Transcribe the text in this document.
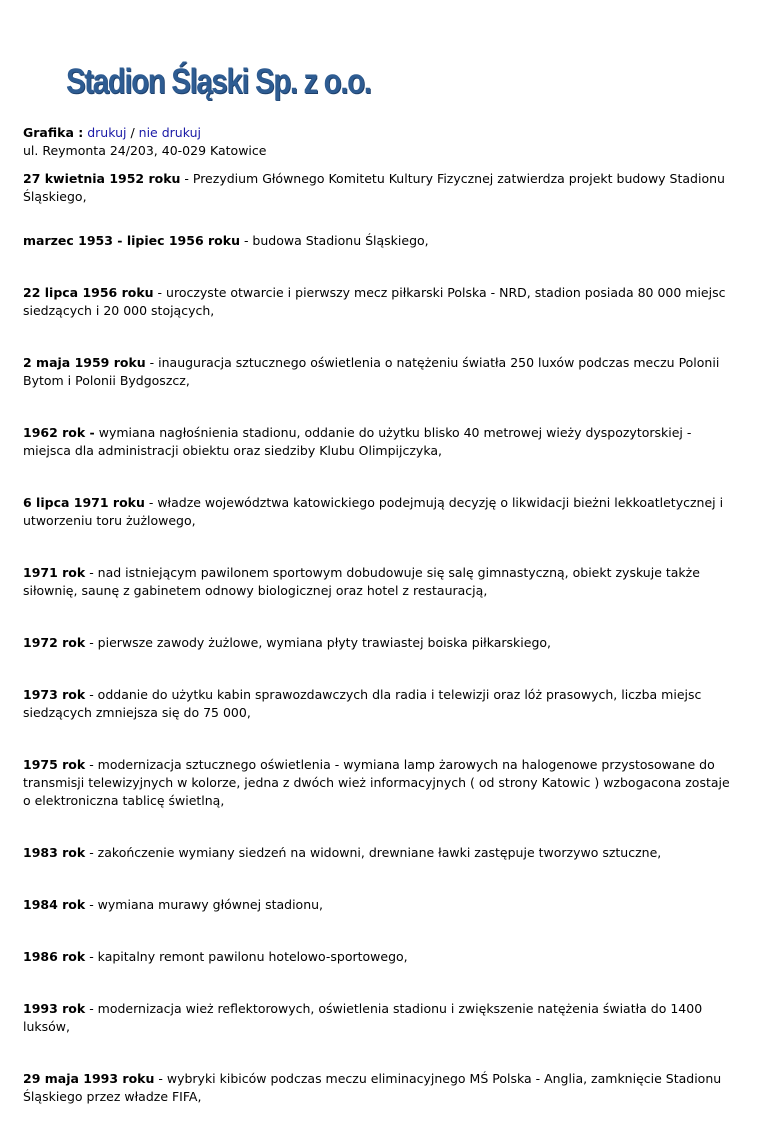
Stadion Śląski Sp. z o.o.
Grafika : drukuj / nie drukuj
ul. Reymonta 24/203, 40-029 Katowice

27 kwietnia 1952 roku - Prezydium Głównego Komitetu Kultury Fizycznej zatwierdza projekt budowy Stadionu Śląskiego,

marzec 1953 - lipiec 1956 roku - budowa Stadionu Śląskiego,

22 lipca 1956 roku - uroczyste otwarcie i pierwszy mecz piłkarski Polska - NRD, stadion posiada 80 000 miejsc siedzących i 20 000 stojących,

2 maja 1959 roku - inauguracja sztucznego oświetlenia o natężeniu światła 250 luxów podczas meczu Polonii Bytom i Polonii Bydgoszcz,

1962 rok - wymiana nagłośnienia stadionu, oddanie do użytku blisko 40 metrowej wieży dyspozytorskiej - miejsca dla administracji obiektu oraz siedziby Klubu Olimpijczyka,

6 lipca 1971 roku - władze województwa katowickiego podejmują decyzję o likwidacji bieżni lekkoatletycznej i utworzeniu toru żużlowego,

1971 rok - nad istniejącym pawilonem sportowym dobudowuje się salę gimnastyczną, obiekt zyskuje także siłownię, saunę z gabinetem odnowy biologicznej oraz hotel z restauracją,

1972 rok - pierwsze zawody żużlowe, wymiana płyty trawiastej boiska piłkarskiego,

1973 rok - oddanie do użytku kabin sprawozdawczych dla radia i telewizji oraz lóż prasowych, liczba miejsc siedzących zmniejsza się do 75 000,

1975 rok - modernizacja sztucznego oświetlenia - wymiana lamp żarowych na halogenowe przystosowane do transmisji telewizyjnych w kolorze, jedna z dwóch wież informacyjnych ( od strony Katowic ) wzbogacona zostaje o elektroniczna tablicę świetlną,

1983 rok - zakończenie wymiany siedzeń na widowni, drewniane ławki zastępuje tworzywo sztuczne,

1984 rok - wymiana murawy głównej stadionu,

1986 rok - kapitalny remont pawilonu hotelowo-sportowego,

1993 rok - modernizacja wież reflektorowych, oświetlenia stadionu i zwiększenie natężenia światła do 1400 luksów,

29 maja 1993 roku - wybryki kibiców podczas meczu eliminacyjnego MŚ Polska - Anglia, zamknięcie Stadionu Śląskiego przez władze FIFA,
